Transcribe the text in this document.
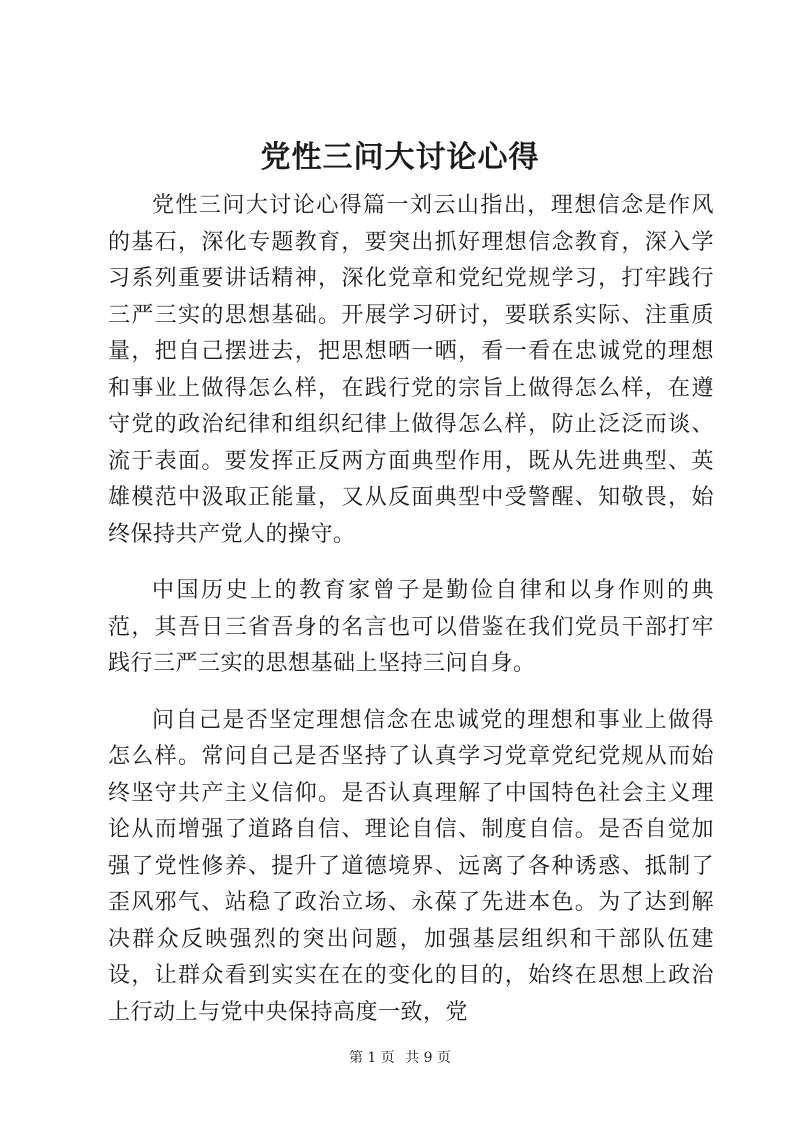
党性三问大讨论心得

党性三问大讨论心得篇一刘云山指出，理想信念是作风的基石，深化专题教育，要突出抓好理想信念教育，深入学习系列重要讲话精神，深化党章和党纪党规学习，打牢践行三严三实的思想基础。开展学习研讨，要联系实际、注重质量，把自己摆进去，把思想晒一晒，看一看在忠诚党的理想和事业上做得怎么样，在践行党的宗旨上做得怎么样，在遵守党的政治纪律和组织纪律上做得怎么样，防止泛泛而谈、流于表面。要发挥正反两方面典型作用，既从先进典型、英雄模范中汲取正能量，又从反面典型中受警醒、知敬畏，始终保持共产党人的操守。

中国历史上的教育家曾子是勤俭自律和以身作则的典范，其吾日三省吾身的名言也可以借鉴在我们党员干部打牢践行三严三实的思想基础上坚持三问自身。

问自己是否坚定理想信念在忠诚党的理想和事业上做得怎么样。常问自己是否坚持了认真学习党章党纪党规从而始终坚守共产主义信仰。是否认真理解了中国特色社会主义理论从而增强了道路自信、理论自信、制度自信。是否自觉加强了党性修养、提升了道德境界、远离了各种诱惑、抵制了歪风邪气、站稳了政治立场、永葆了先进本色。为了达到解决群众反映强烈的突出问题，加强基层组织和干部队伍建设，让群众看到实实在在的变化的目的，始终在思想上政治上行动上与党中央保持高度一致，党

第 1 页 共 9 页
